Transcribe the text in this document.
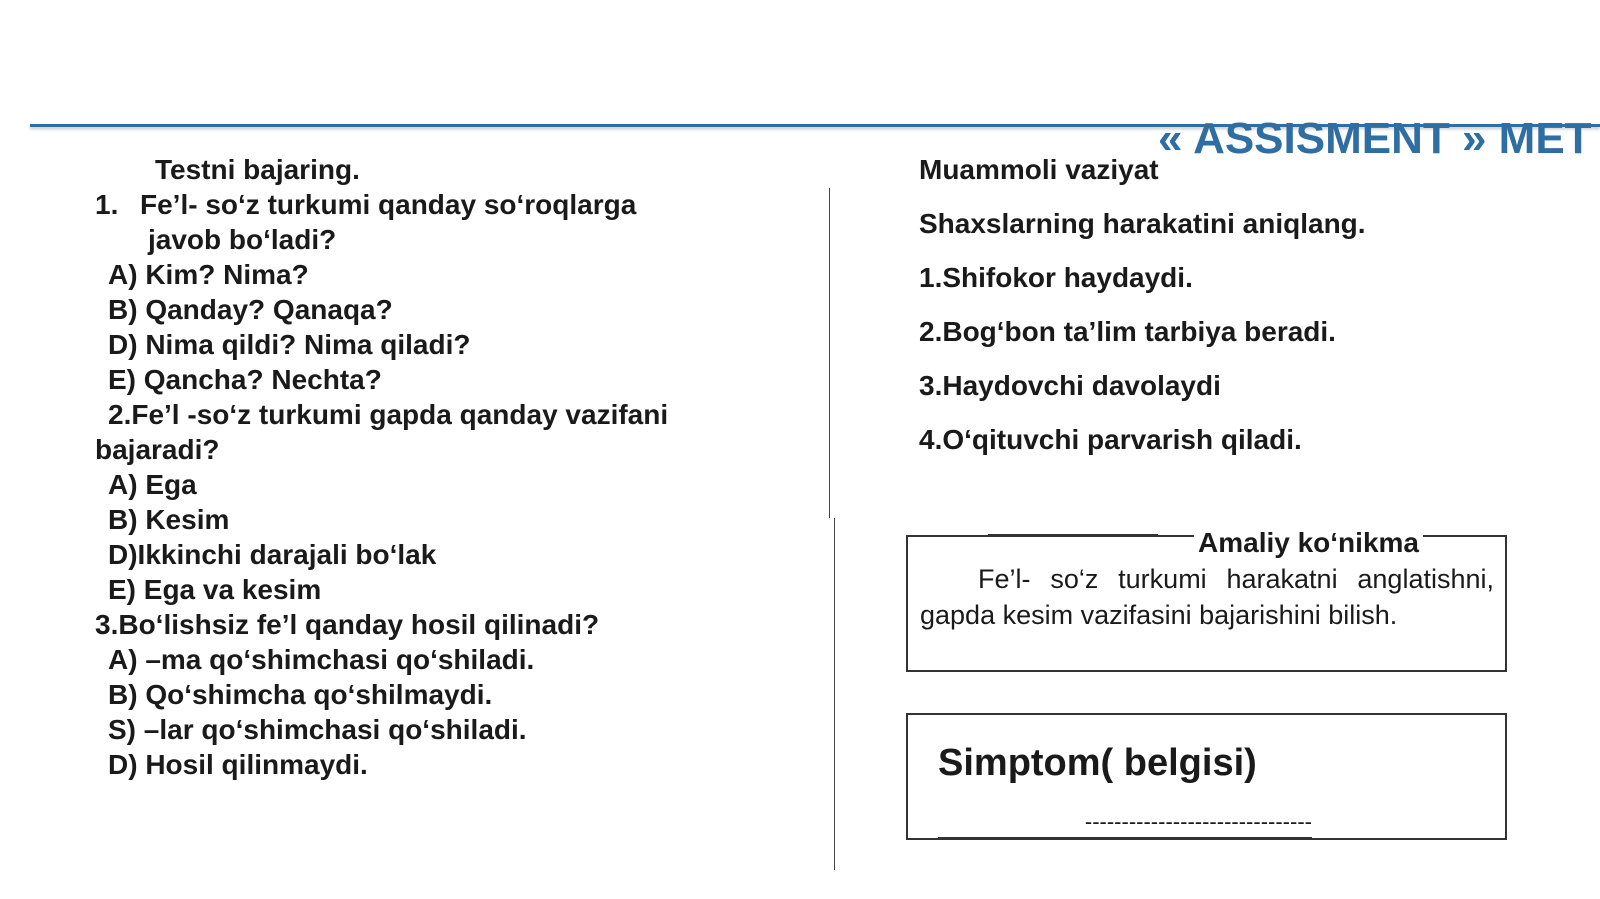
« ASSISMENT » MET
Testni bajaring.
1. Fe’l- so‘z turkumi qanday so‘roqlarga
javob bo‘ladi?
A) Kim? Nima?
B) Qanday? Qanaqa?
D) Nima qildi? Nima qiladi?
E) Qancha? Nechta?
2.Fe’l -so‘z turkumi gapda qanday vazifani
bajaradi?
A) Ega
B) Kesim
D)Ikkinchi darajali bo‘lak
E) Ega va kesim
3.Bo‘lishsiz fe’l qanday hosil qilinadi?
A) –ma qo‘shimchasi qo‘shiladi.
B) Qo‘shimcha qo‘shilmaydi.
S) –lar qo‘shimchasi qo‘shiladi.
D) Hosil qilinmaydi.
Muammoli vaziyat
Shaxslarning harakatini aniqlang.
1.Shifokor haydaydi.
2.Bog‘bon ta’lim tarbiya beradi.
3.Haydovchi davolaydi
4.O‘qituvchi parvarish qiladi.
Amaliy ko‘nikma
Fe’l- so‘z turkumi harakatni anglatishni, gapda kesim vazifasini bajarishini bilish.
Simptom( belgisi)
-------------------------------
